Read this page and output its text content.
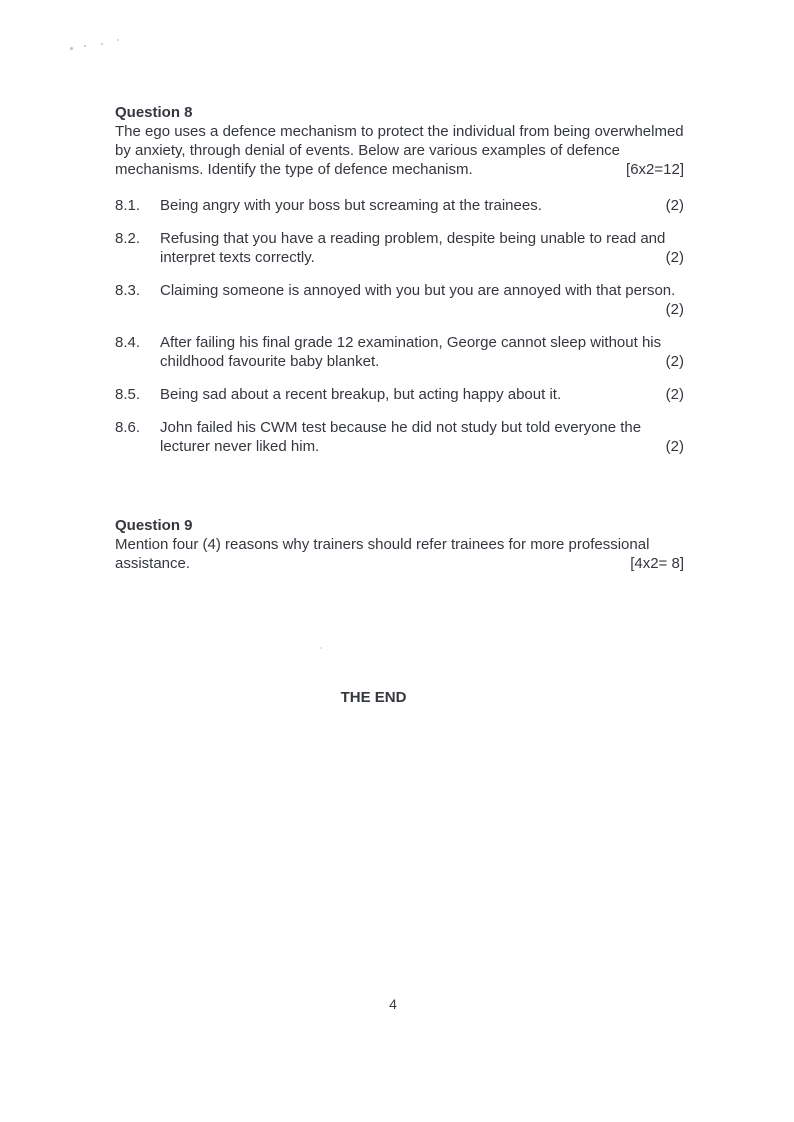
Question 8
The ego uses a defence mechanism to protect the individual from being overwhelmed by anxiety, through denial of events. Below are various examples of defence mechanisms. Identify the type of defence mechanism.	[6x2=12]
8.1.	Being angry with your boss but screaming at the trainees.	(2)
8.2.	Refusing that you have a reading problem, despite being unable to read and interpret texts correctly.	(2)
8.3.	Claiming someone is annoyed with you but you are annoyed with that person.
(2)
8.4.	After failing his final grade 12 examination, George cannot sleep without his childhood favourite baby blanket.	(2)
8.5.	Being sad about a recent breakup, but acting happy about it.	(2)
8.6.	John failed his CWM test because he did not study but told everyone the lecturer never liked him.	(2)
Question 9
Mention four (4) reasons why trainers should refer trainees for more professional assistance.	[4x2= 8]
THE END
4
